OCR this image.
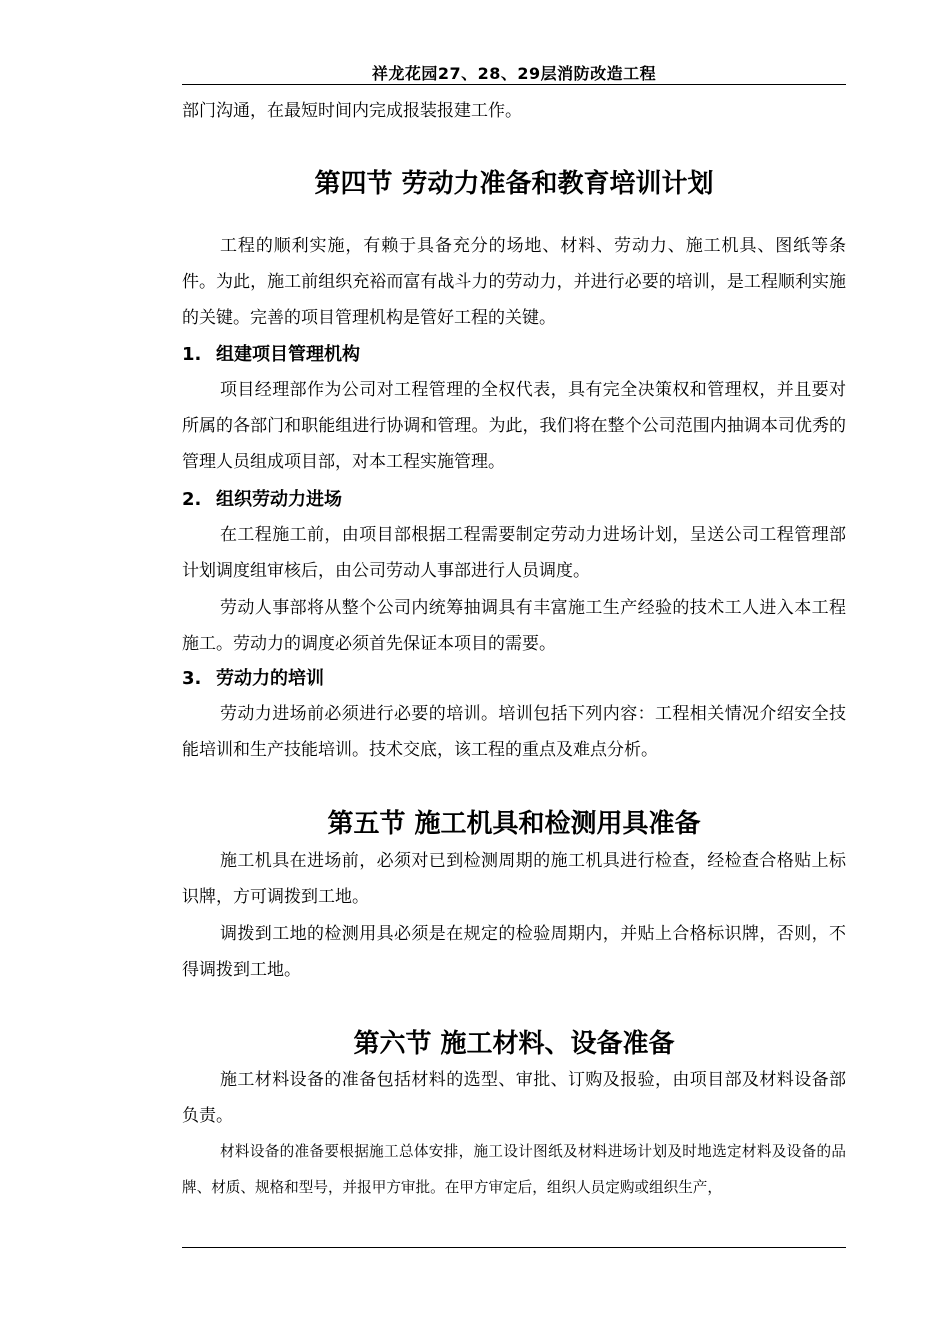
祥龙花园27、28、29层消防改造工程

部门沟通，在最短时间内完成报装报建工作。

第四节 劳动力准备和教育培训计划

工程的顺利实施，有赖于具备充分的场地、材料、劳动力、施工机具、图纸等条件。为此，施工前组织充裕而富有战斗力的劳动力，并进行必要的培训，是工程顺利实施的关键。完善的项目管理机构是管好工程的关键。

1. 组建项目管理机构

项目经理部作为公司对工程管理的全权代表，具有完全决策权和管理权，并且要对所属的各部门和职能组进行协调和管理。为此，我们将在整个公司范围内抽调本司优秀的管理人员组成项目部，对本工程实施管理。

2. 组织劳动力进场

在工程施工前，由项目部根据工程需要制定劳动力进场计划，呈送公司工程管理部计划调度组审核后，由公司劳动人事部进行人员调度。

劳动人事部将从整个公司内统筹抽调具有丰富施工生产经验的技术工人进入本工程施工。劳动力的调度必须首先保证本项目的需要。

3. 劳动力的培训

劳动力进场前必须进行必要的培训。培训包括下列内容：工程相关情况介绍安全技能培训和生产技能培训。技术交底，该工程的重点及难点分析。

第五节 施工机具和检测用具准备

施工机具在进场前，必须对已到检测周期的施工机具进行检查，经检查合格贴上标识牌，方可调拨到工地。

调拨到工地的检测用具必须是在规定的检验周期内，并贴上合格标识牌，否则，不得调拨到工地。

第六节 施工材料、设备准备

施工材料设备的准备包括材料的选型、审批、订购及报验，由项目部及材料设备部负责。

材料设备的准备要根据施工总体安排，施工设计图纸及材料进场计划及时地选定材料及设备的品牌、材质、规格和型号，并报甲方审批。在甲方审定后，组织人员定购或组织生产，
